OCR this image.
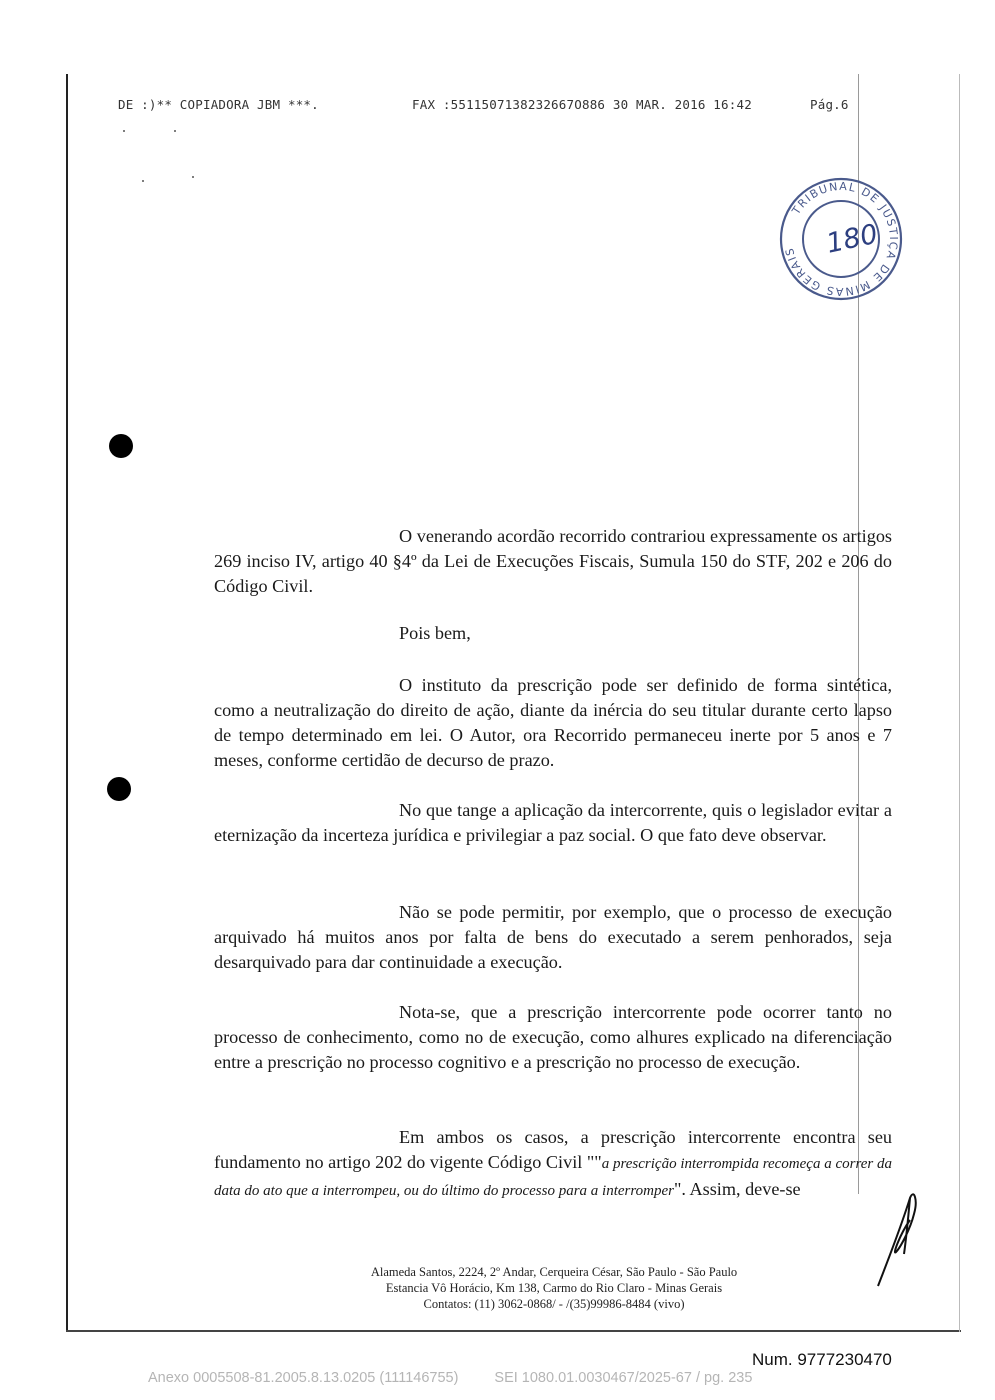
DE :)** COPIADORA JBM ***.	FAX :5511507138232667O886 30 MAR. 2016 16:42	Pág.6
TRIBUNAL DE JUSTIÇA DE MINAS GERAIS 180

O venerando acordão recorrido contrariou expressamente os artigos 269 inciso IV, artigo 40 §4º da Lei de Execuções Fiscais, Sumula 150 do STF, 202 e 206 do Código Civil.

Pois bem,

O instituto da prescrição pode ser definido de forma sintética, como a neutralização do direito de ação, diante da inércia do seu titular durante certo lapso de tempo determinado em lei. O Autor, ora Recorrido permaneceu inerte por 5 anos e 7 meses, conforme certidão de decurso de prazo.

No que tange a aplicação da intercorrente, quis o legislador evitar a eternização da incerteza jurídica e privilegiar a paz social. O que fato deve observar.

Não se pode permitir, por exemplo, que o processo de execução arquivado há muitos anos por falta de bens do executado a serem penhorados, seja desarquivado para dar continuidade a execução.

Nota-se, que a prescrição intercorrente pode ocorrer tanto no processo de conhecimento, como no de execução, como alhures explicado na diferenciação entre a prescrição no processo cognitivo e a prescrição no processo de execução.

Em ambos os casos, a prescrição intercorrente encontra seu fundamento no artigo 202 do vigente Código Civil ""a prescrição interrompida recomeça a correr da data do ato que a interrompeu, ou do último do processo para a interromper". Assim, deve-se

Alameda Santos, 2224, 2º Andar, Cerqueira César, São Paulo - São Paulo
Estancia Vô Horácio, Km 138, Carmo do Rio Claro - Minas Gerais
Contatos: (11) 3062-0868/ - /(35)99986-8484 (vivo)
Num. 9777230470
Anexo 0005508-81.2005.8.13.0205 (111146755) SEI 1080.01.0030467/2025-67 / pg. 235
